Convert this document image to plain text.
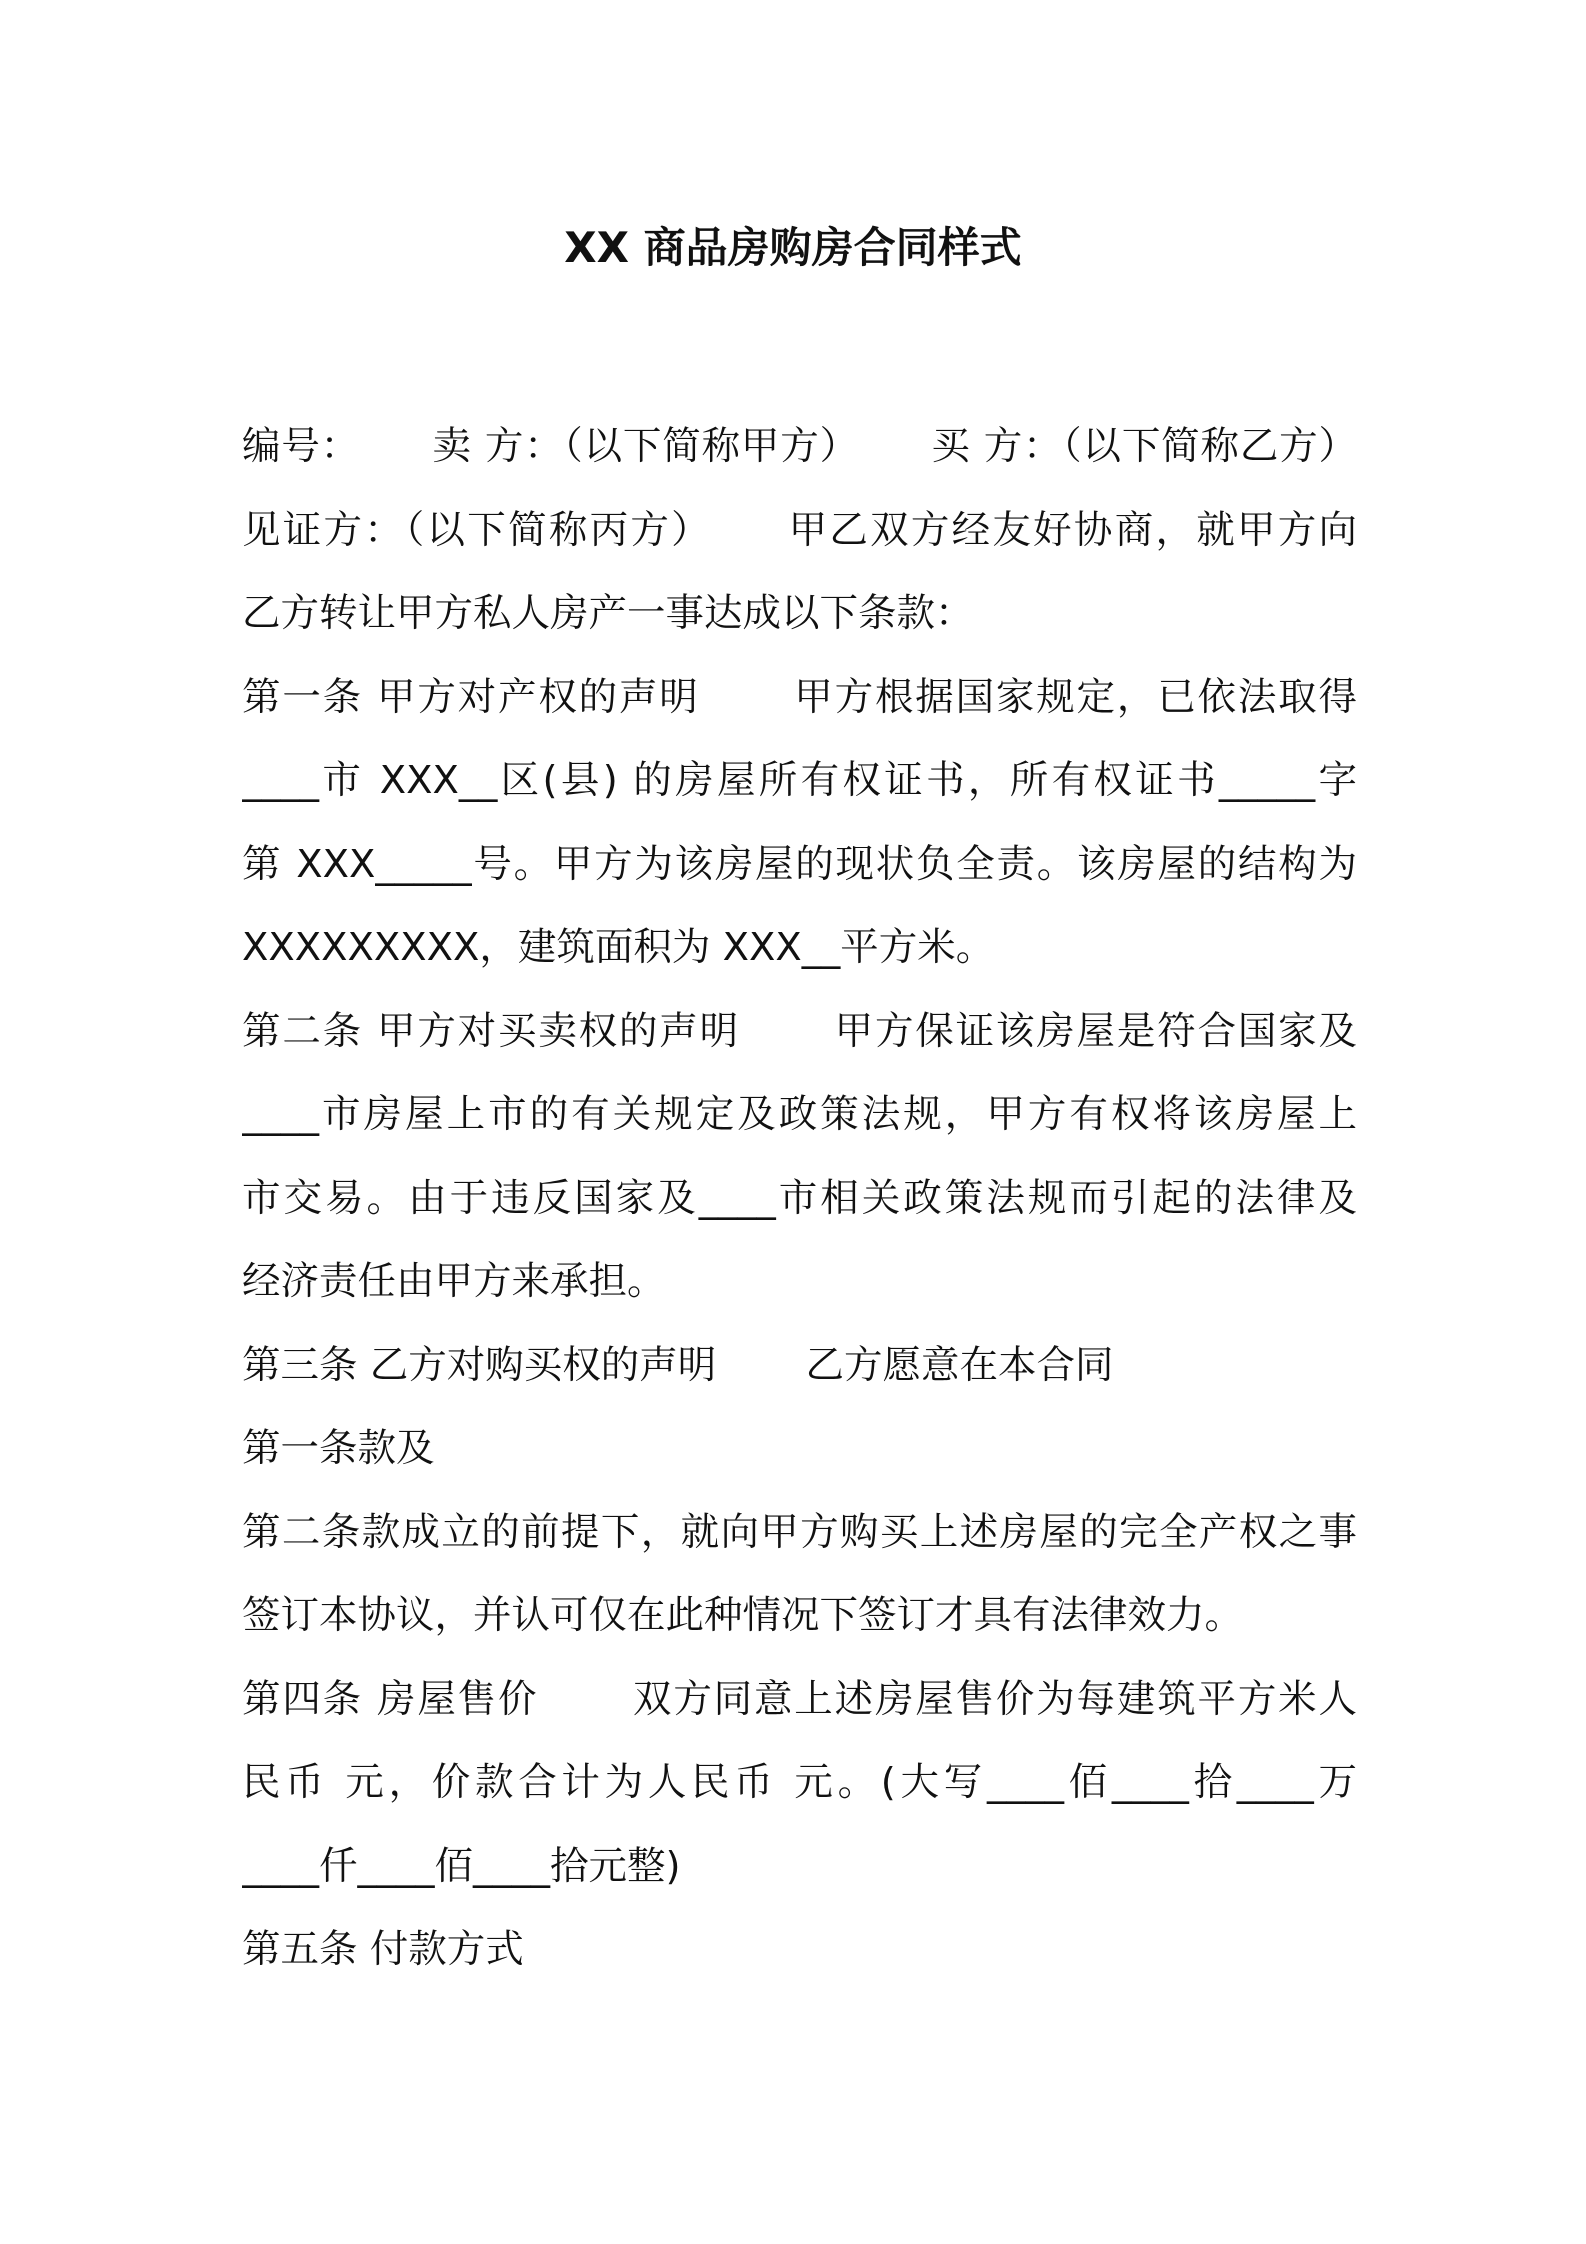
XX 商品房购房合同样式
编号：　　 卖 方：（以下简称甲方）　　 买 方：（以下简称乙方）
见证方：（以下简称丙方）　　 甲乙双方经友好协商，就甲方向
乙方转让甲方私人房产一事达成以下条款：
第一条 甲方对产权的声明　　 甲方根据国家规定，已依法取得
____市 XXX__区(县) 的房屋所有权证书，所有权证书_____字
第 XXX_____号。甲方为该房屋的现状负全责。该房屋的结构为
XXXXXXXXX，建筑面积为 XXX__平方米。
第二条 甲方对买卖权的声明　　 甲方保证该房屋是符合国家及
____市房屋上市的有关规定及政策法规，甲方有权将该房屋上
市交易。由于违反国家及____市相关政策法规而引起的法律及
经济责任由甲方来承担。
第三条 乙方对购买权的声明　　 乙方愿意在本合同
第一条款及
第二条款成立的前提下，就向甲方购买上述房屋的完全产权之事
签订本协议，并认可仅在此种情况下签订才具有法律效力。
第四条 房屋售价　　 双方同意上述房屋售价为每建筑平方米人
民币 元，价款合计为人民币 元。(大写____佰____拾____万
____仟____佰____拾元整)
第五条 付款方式
